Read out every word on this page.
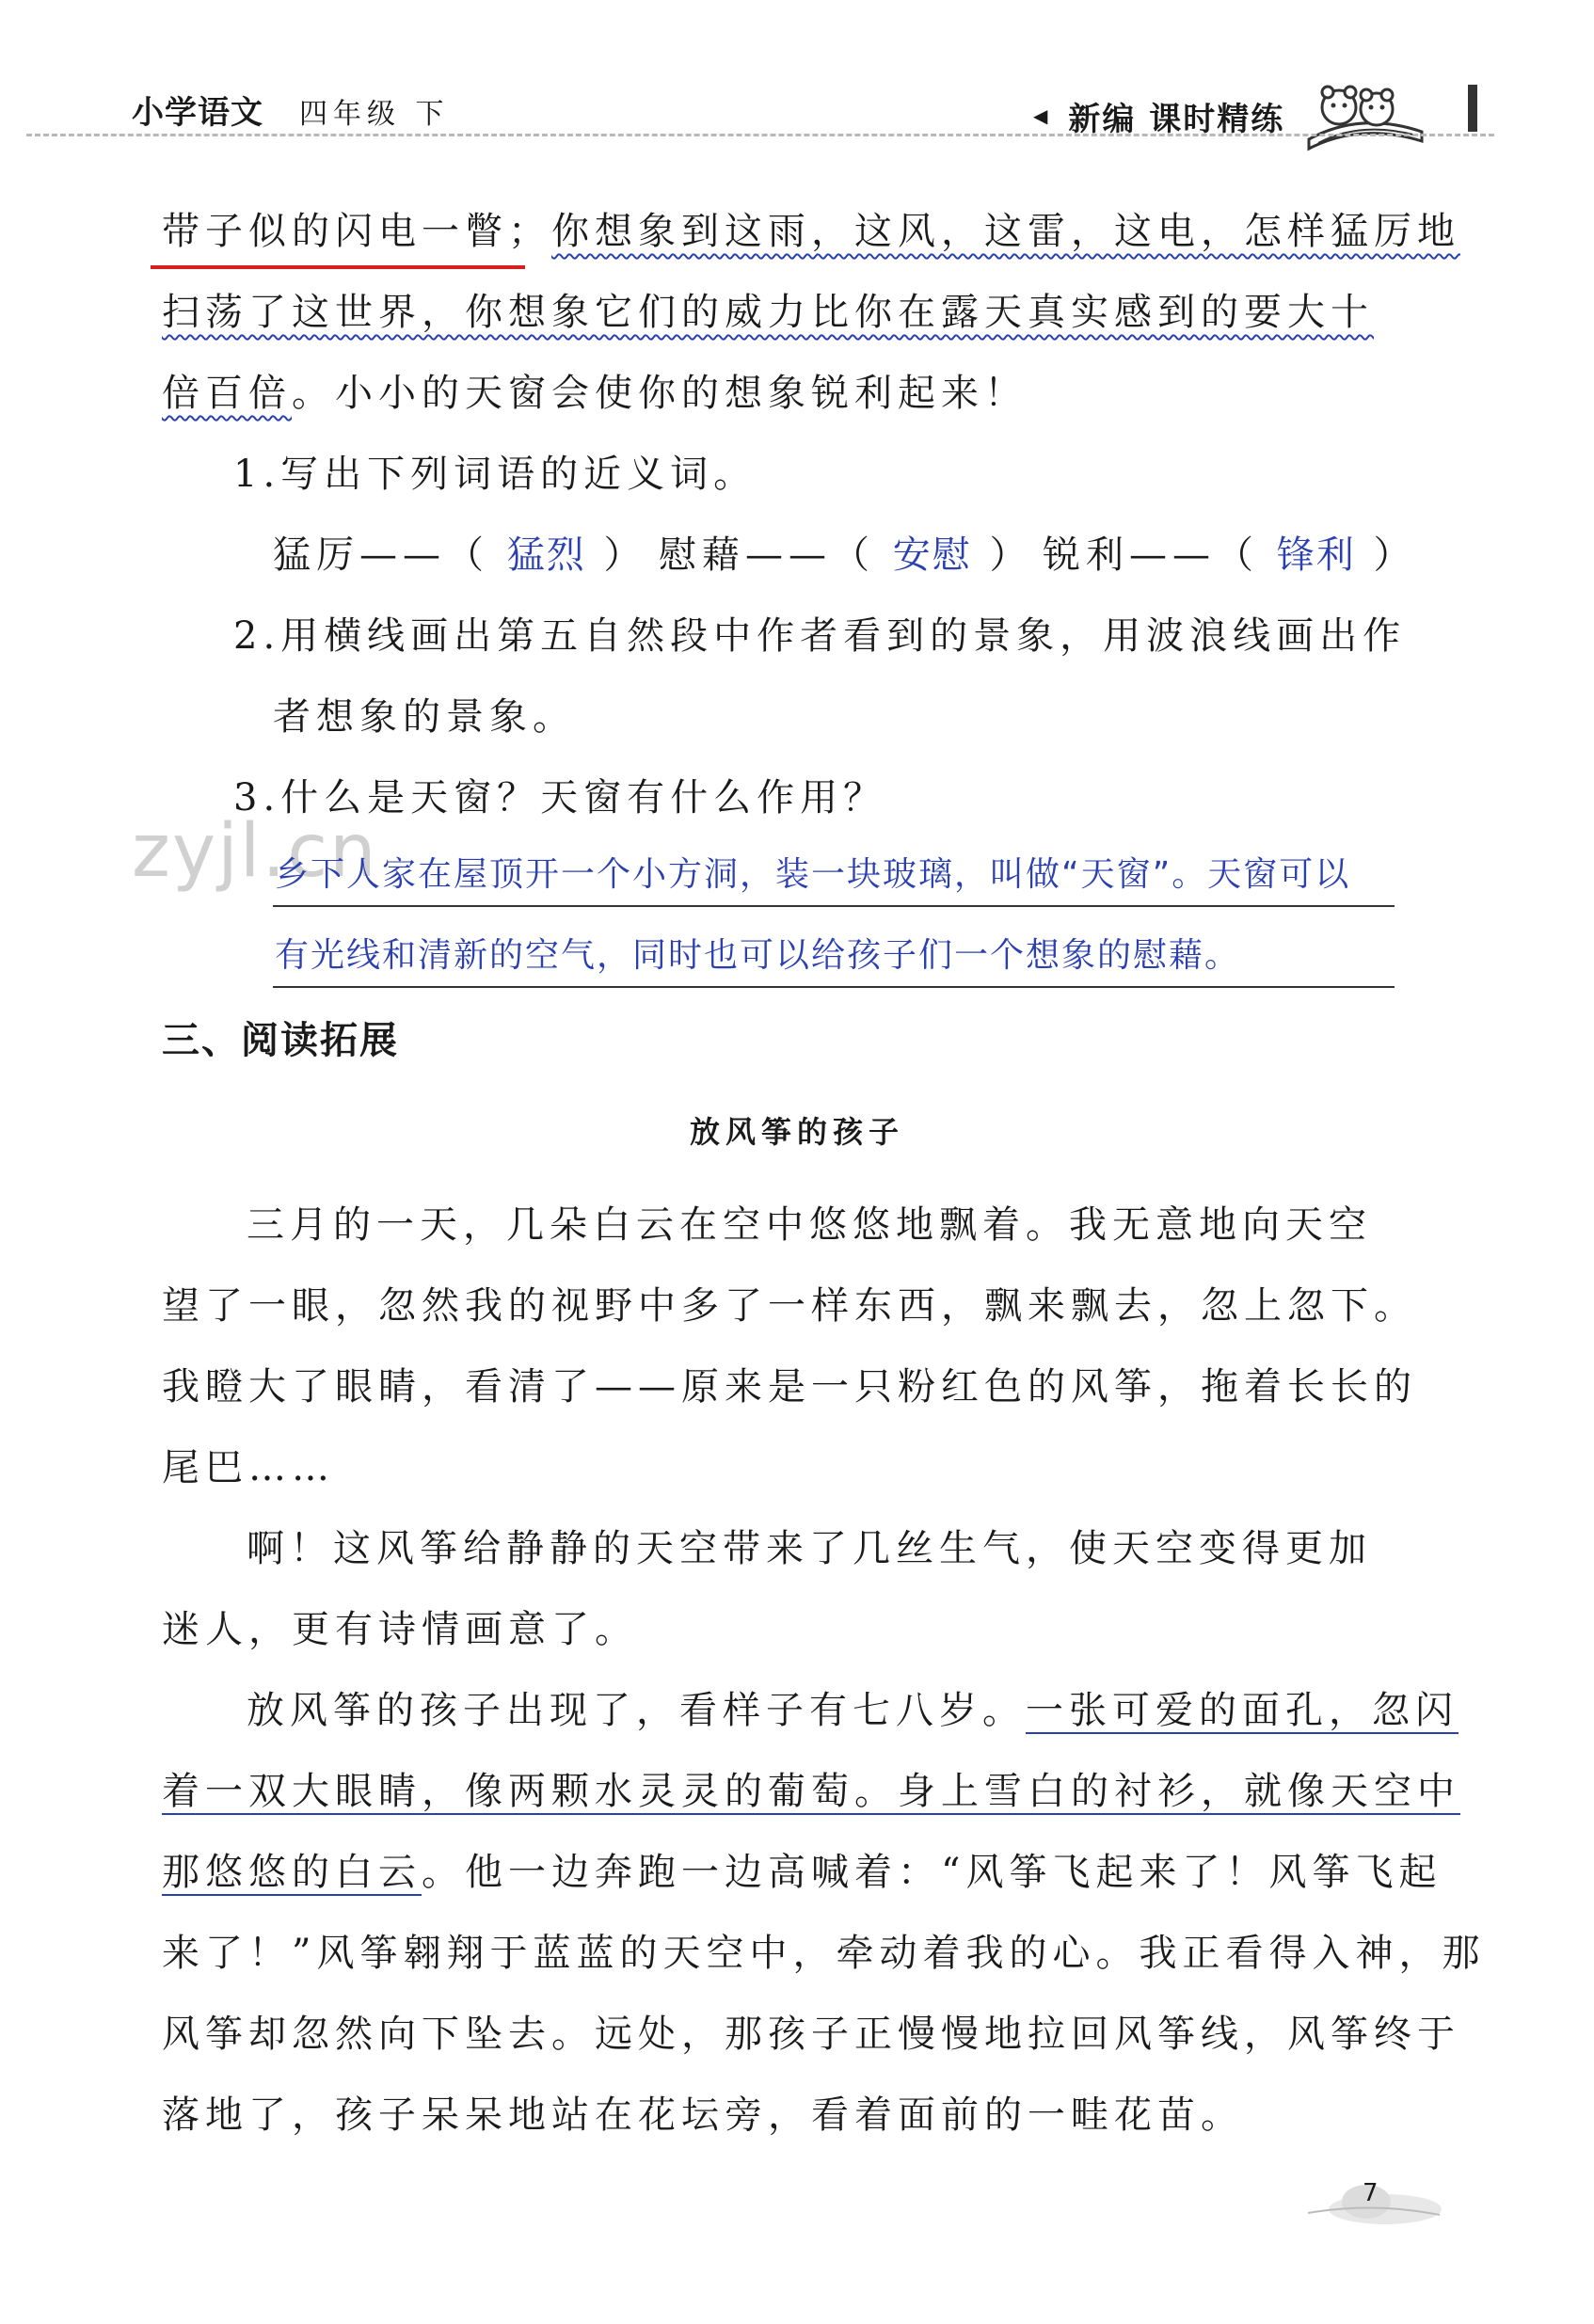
小学语文 四年级 下	◀ 新编 课时精练
带子似的闪电一瞥；你想象到这雨，这风，这雷，这电，怎样猛厉地
扫荡了这世界，你想象它们的威力比你在露天真实感到的要大十
倍百倍。小小的天窗会使你的想象锐利起来！
1.写出下列词语的近义词。
猛厉——（ 猛烈 ） 慰藉——（ 安慰 ） 锐利——（ 锋利 ）
2.用横线画出第五自然段中作者看到的景象，用波浪线画出作
者想象的景象。
3.什么是天窗？天窗有什么作用？
zyjl.cn
乡下人家在屋顶开一个小方洞，装一块玻璃，叫做“天窗”。天窗可以
有光线和清新的空气，同时也可以给孩子们一个想象的慰藉。
三、阅读拓展
放风筝的孩子
三月的一天，几朵白云在空中悠悠地飘着。我无意地向天空
望了一眼，忽然我的视野中多了一样东西，飘来飘去，忽上忽下。
我瞪大了眼睛，看清了——原来是一只粉红色的风筝，拖着长长的
尾巴……
啊！这风筝给静静的天空带来了几丝生气，使天空变得更加
迷人，更有诗情画意了。
放风筝的孩子出现了，看样子有七八岁。一张可爱的面孔，忽闪
着一双大眼睛，像两颗水灵灵的葡萄。身上雪白的衬衫，就像天空中
那悠悠的白云。他一边奔跑一边高喊着：“风筝飞起来了！风筝飞起
来了！”风筝翱翔于蓝蓝的天空中，牵动着我的心。我正看得入神，那
风筝却忽然向下坠去。远处，那孩子正慢慢地拉回风筝线，风筝终于
落地了，孩子呆呆地站在花坛旁，看着面前的一畦花苗。
7
